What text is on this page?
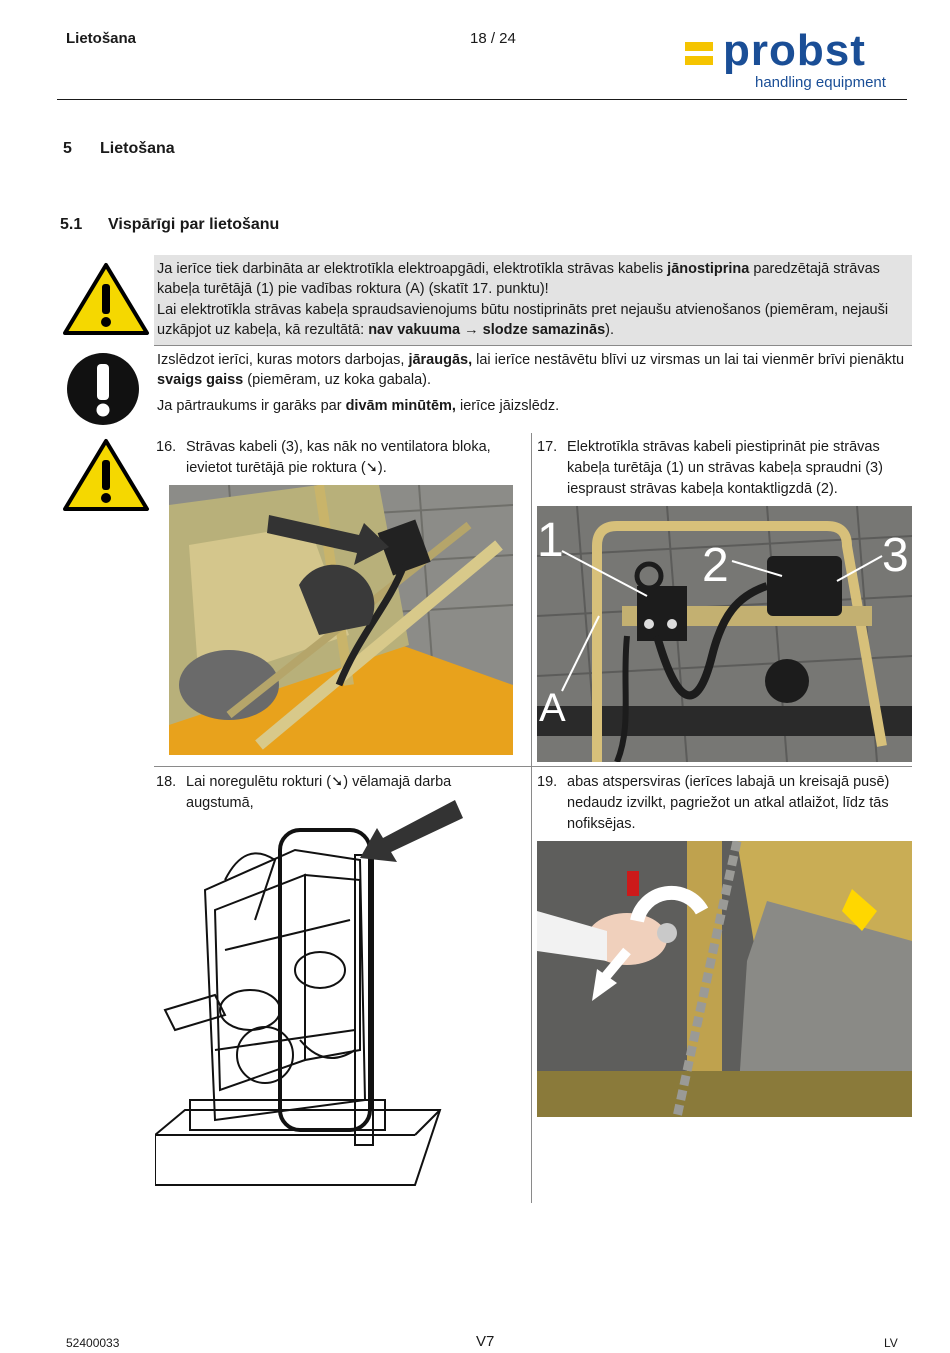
Lietošana	18 / 24	probst
handling equipment
5 Lietošana
5.1 Vispārīgi par lietošanu

Ja ierīce tiek darbināta ar elektrotīkla elektroapgādi, elektrotīkla strāvas kabelis jānostiprina paredzētajā strāvas kabeļa turētājā (1) pie vadības roktura (A) (skatīt 17. punktu)!

Lai elektrotīkla strāvas kabeļa spraudsavienojums būtu nostiprināts pret nejaušu atvienošanos (piemēram, nejauši uzkāpjot uz kabeļa, kā rezultātā: nav vakuuma → slodze samazinās).

Izslēdzot ierīci, kuras motors darbojas, jāraugās, lai ierīce nestāvētu blīvi uz virsmas un lai tai vienmēr brīvi pienāktu svaigs gaiss (piemēram, uz koka gabala).

Ja pārtraukums ir garāks par divām minūtēm, ierīce jāizslēdz.

16. Strāvas kabeli (3), kas nāk no ventilatora bloka, ievietot turētājā pie roktura (➘).
17. Elektrotīkla strāvas kabeli piestiprināt pie strāvas kabeļa turētāja (1) un strāvas kabeļa spraudni (3) iespraust strāvas kabeļa kontaktligzdā (2).
1	2	3
A
18. Lai noregulētu rokturi (➘) vēlamajā darba augstumā,
19. abas atspersviras (ierīces labajā un kreisajā pusē) nedaudz izvilkt, pagriežot un atkal atlaižot, līdz tās nofiksējas.
52400033	V7	LV
